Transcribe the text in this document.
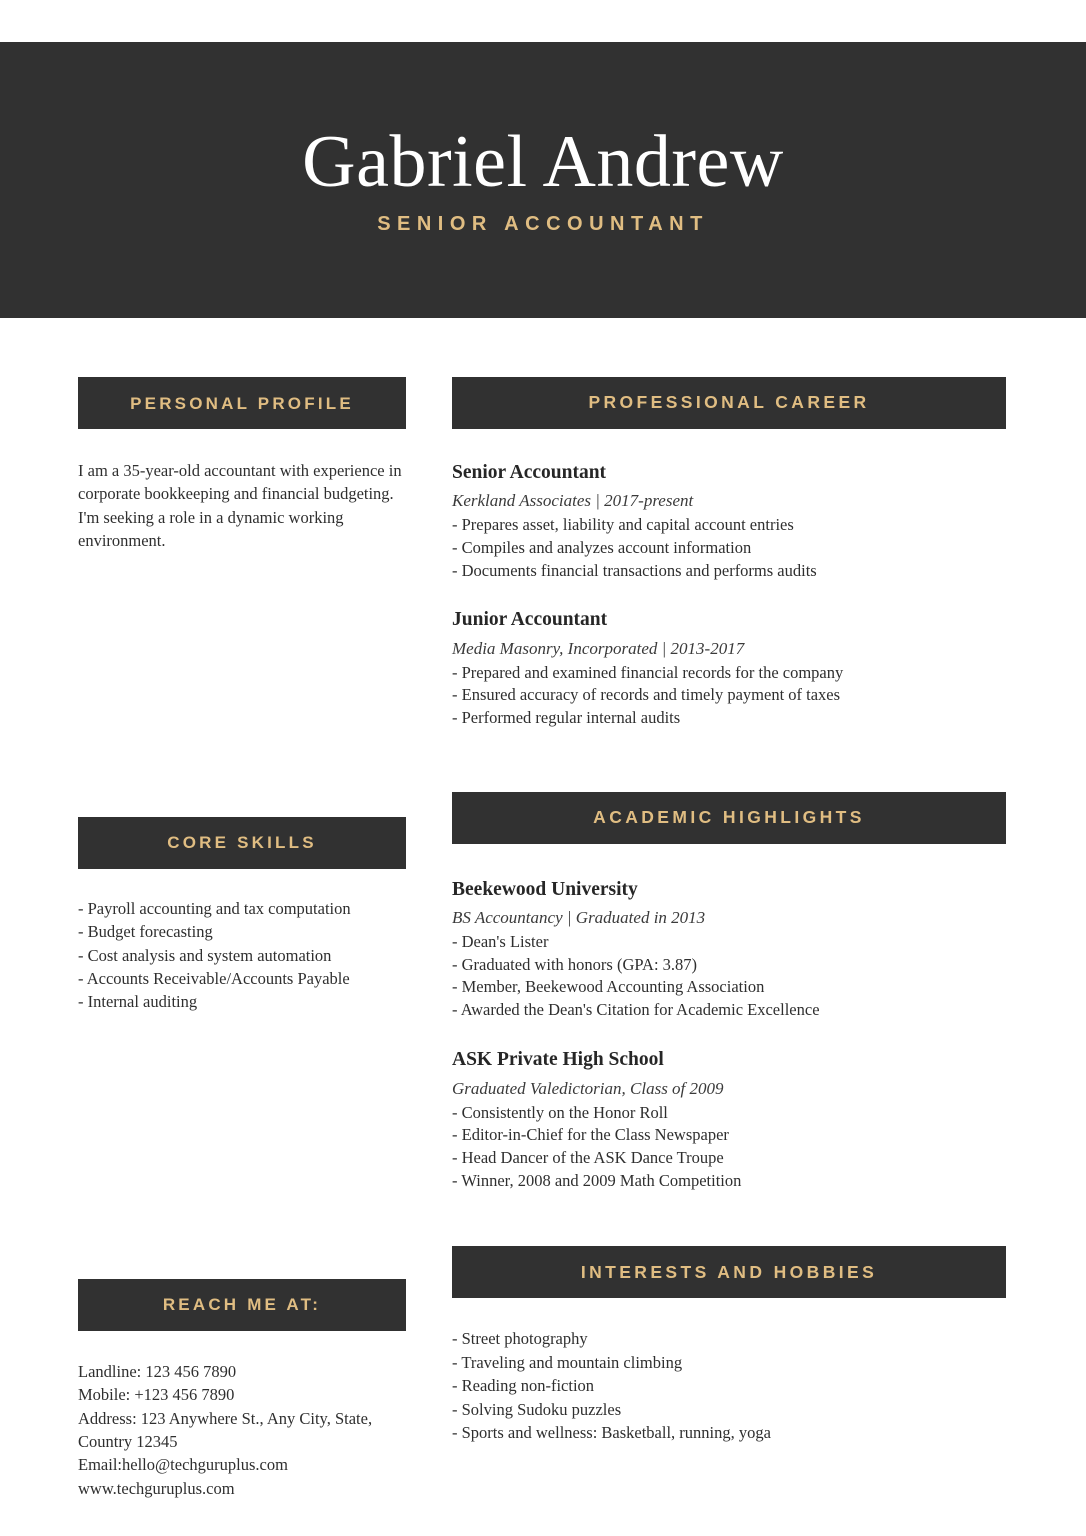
Gabriel Andrew
SENIOR ACCOUNTANT
PERSONAL PROFILE

I am a 35-year-old accountant with experience in corporate bookkeeping and financial budgeting. I'm seeking a role in a dynamic working environment.

CORE SKILLS
- Payroll accounting and tax computation
- Budget forecasting
- Cost analysis and system automation
- Accounts Receivable/Accounts Payable
- Internal auditing
REACH ME AT:
Landline: 123 456 7890
Mobile: +123 456 7890
Address: 123 Anywhere St., Any City, State, Country 12345
Email:hello@techguruplus.com
www.techguruplus.com
PROFESSIONAL CAREER
Senior Accountant
Kerkland Associates | 2017-present
- Prepares asset, liability and capital account entries
- Compiles and analyzes account information
- Documents financial transactions and performs audits
Junior Accountant
Media Masonry, Incorporated | 2013-2017
- Prepared and examined financial records for the company
- Ensured accuracy of records and timely payment of taxes
- Performed regular internal audits
ACADEMIC HIGHLIGHTS
Beekewood University
BS Accountancy | Graduated in 2013
- Dean's Lister
- Graduated with honors (GPA: 3.87)
- Member, Beekewood Accounting Association
- Awarded the Dean's Citation for Academic Excellence
ASK Private High School
Graduated Valedictorian, Class of 2009
- Consistently on the Honor Roll
- Editor-in-Chief for the Class Newspaper
- Head Dancer of the ASK Dance Troupe
- Winner, 2008 and 2009 Math Competition
INTERESTS AND HOBBIES
- Street photography
- Traveling and mountain climbing
- Reading non-fiction
- Solving Sudoku puzzles
- Sports and wellness: Basketball, running, yoga
